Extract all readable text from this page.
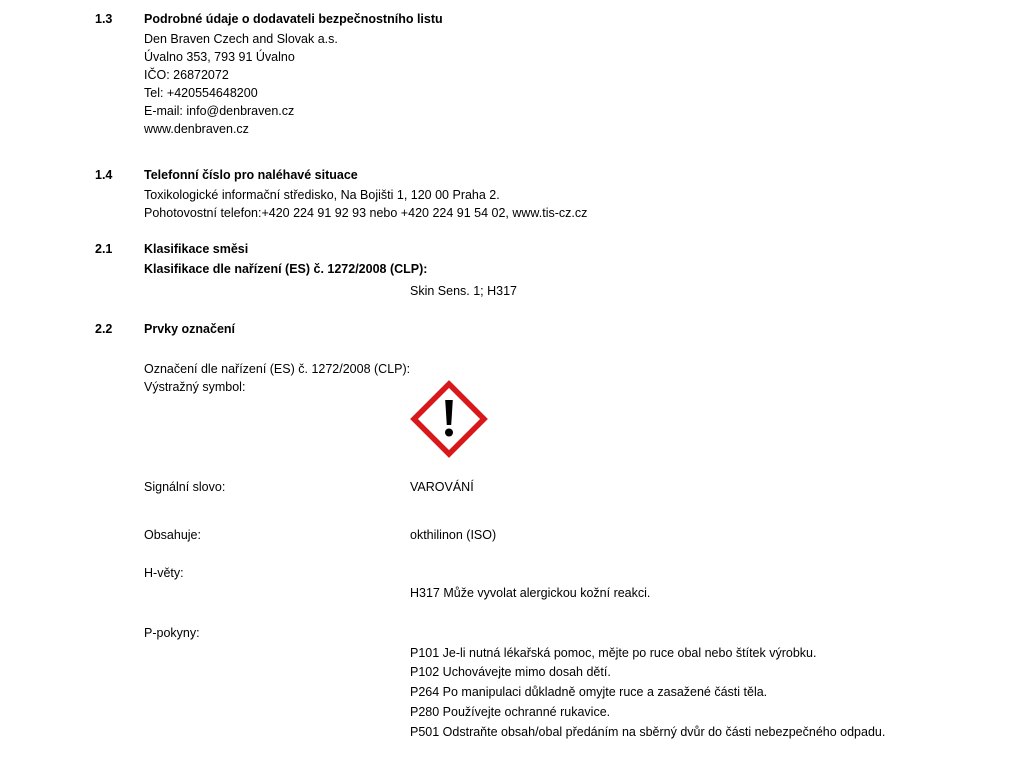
1.3	Podrobné údaje o dodavateli bezpečnostního listu
Den Braven Czech and Slovak a.s.
Úvalno 353, 793 91 Úvalno
IČO: 26872072
Tel: +420554648200
E-mail: info@denbraven.cz
www.denbraven.cz
1.4	Telefonní číslo pro naléhavé situace
Toxikologické informační středisko, Na Bojišti 1, 120 00 Praha 2.
Pohotovostní telefon:+420 224 91 92 93 nebo +420 224 91 54 02, www.tis-cz.cz
2.1	Klasifikace směsi
Klasifikace dle nařízení (ES) č. 1272/2008 (CLP):
Skin Sens. 1; H317
2.2	Prvky označení
Označení dle nařízení (ES) č. 1272/2008 (CLP):
Výstražný symbol:
Signální slovo:	VAROVÁNÍ
Obsahuje:	okthilinon (ISO)
H-věty:
H317 Může vyvolat alergickou kožní reakci.
P-pokyny:
P101 Je-li nutná lékařská pomoc, mějte po ruce obal nebo štítek výrobku.
P102 Uchovávejte mimo dosah dětí.
P264 Po manipulaci důkladně omyjte ruce a zasažené části těla.
P280 Používejte ochranné rukavice.
P501 Odstraňte obsah/obal předáním na sběrný dvůr do části nebezpečného odpadu.
